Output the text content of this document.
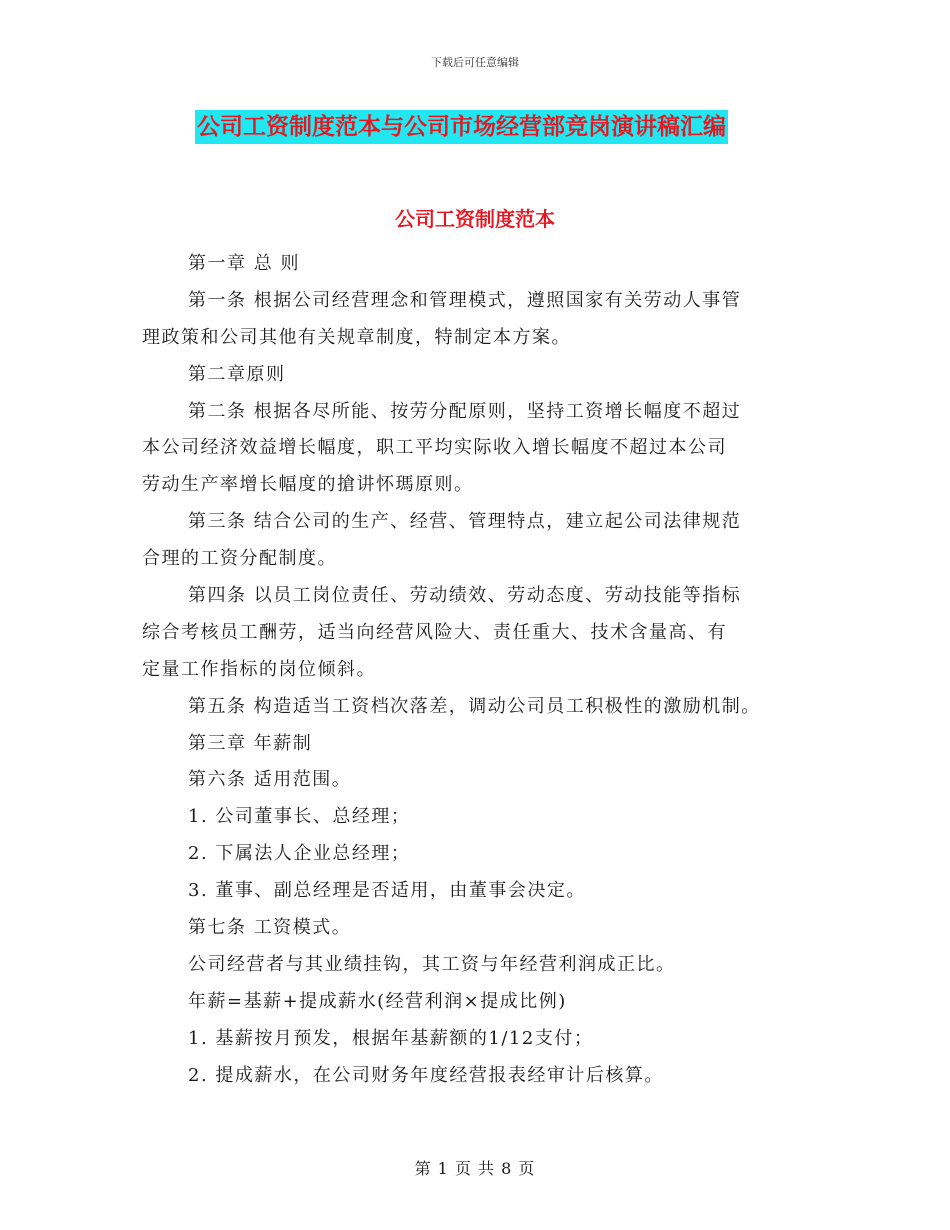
下载后可任意编辑
公司工资制度范本与公司市场经营部竞岗演讲稿汇编
公司工资制度范本
第一章 总 则
第一条 根据公司经营理念和管理模式，遵照国家有关劳动人事管
理政策和公司其他有关规章制度，特制定本方案。
第二章原则
第二条 根据各尽所能、按劳分配原则，坚持工资增长幅度不超过
本公司经济效益增长幅度，职工平均实际收入增长幅度不超过本公司
劳动生产率增长幅度的搶讲怀瑪原则。
第三条 结合公司的生产、经营、管理特点，建立起公司法律规范
合理的工资分配制度。
第四条 以员工岗位责任、劳动绩效、劳动态度、劳动技能等指标
综合考核员工酬劳，适当向经营风险大、责任重大、技术含量高、有
定量工作指标的岗位倾斜。
第五条 构造适当工资档次落差，调动公司员工积极性的激励机制。
第三章 年薪制
第六条 适用范围。
1. 公司董事长、总经理；
2. 下属法人企业总经理；
3. 董事、副总经理是否适用，由董事会决定。
第七条 工资模式。
公司经营者与其业绩挂钩，其工资与年经营利润成正比。
年薪=基薪+提成薪水(经营利润×提成比例)
1. 基薪按月预发，根据年基薪额的1/12支付；
2. 提成薪水，在公司财务年度经营报表经审计后核算。
第 1 页 共 8 页
